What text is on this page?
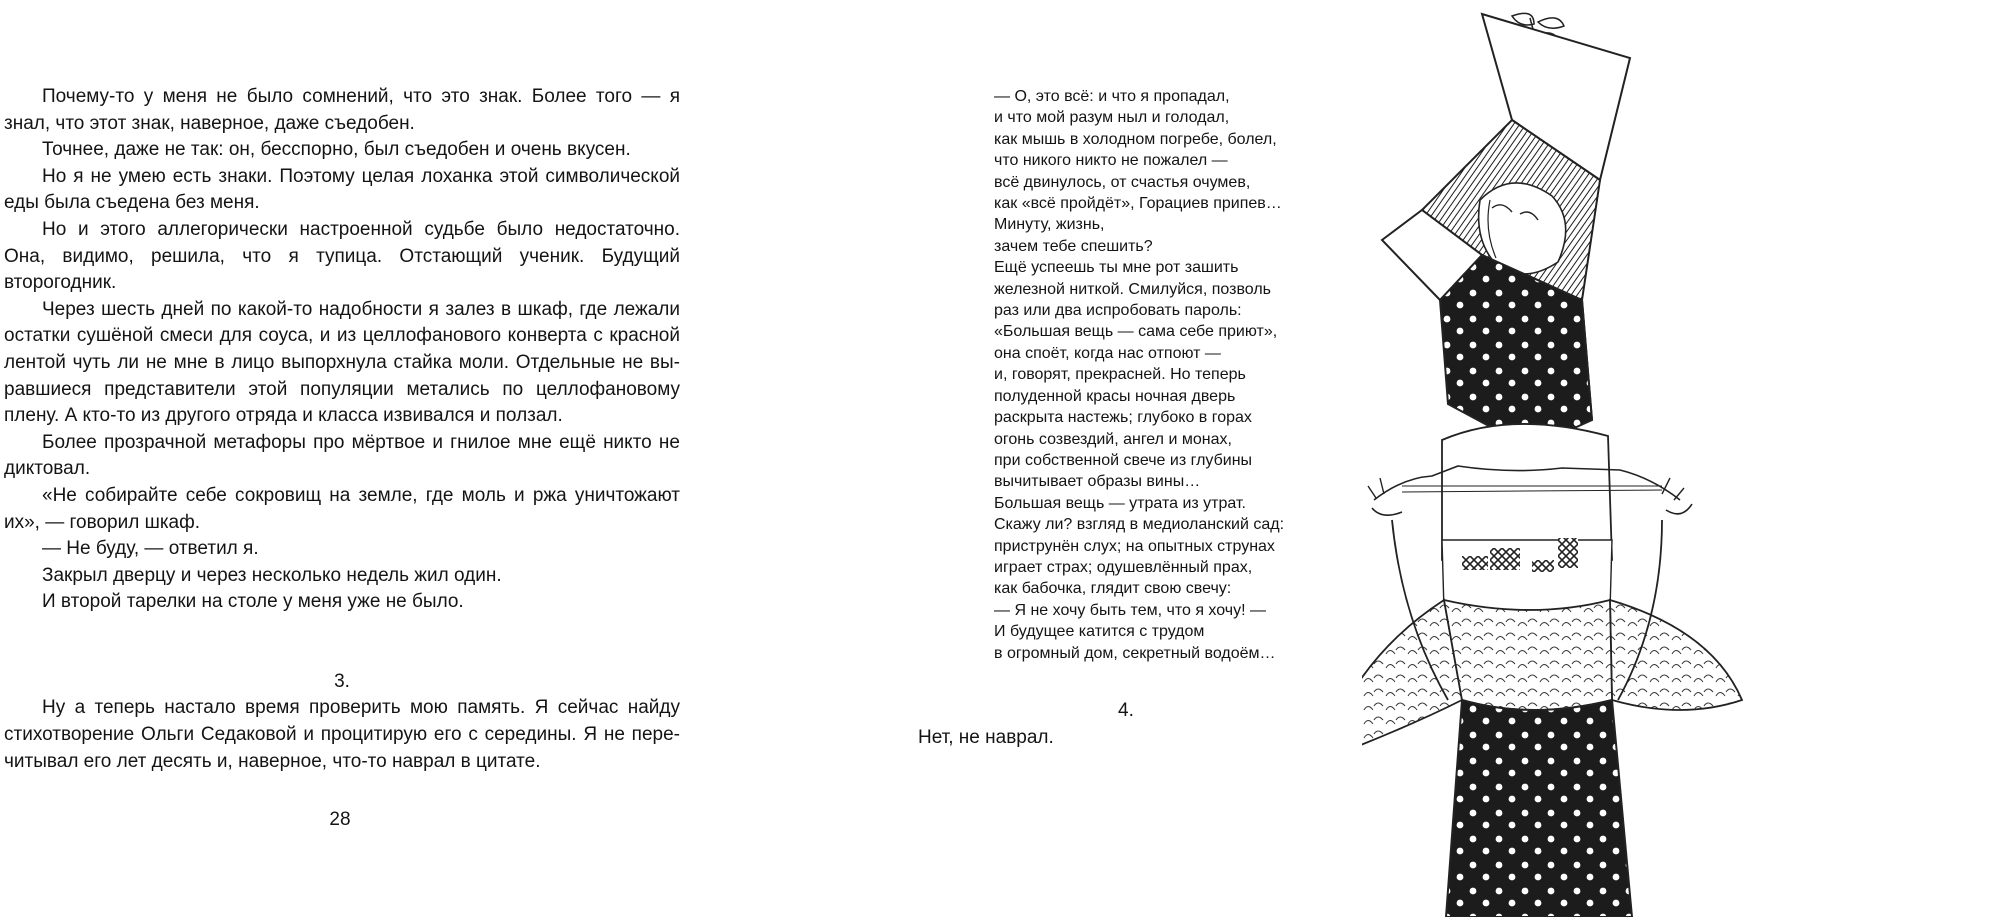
Почему-то у меня не было сомнений, что это знак. Более того — я знал, что этот знак, наверное, даже съедобен.

Точнее, даже не так: он, бесспорно, был съедобен и очень вкусен.

Но я не умею есть знаки. Поэтому целая лоханка этой символической еды была съедена без меня.

Но и этого аллегорически настроенной судьбе было недостаточно. Она, видимо, решила, что я тупица. Отстающий ученик. Будущий второгодник.

Через шесть дней по какой-то надобности я залез в шкаф, где лежали остатки сушёной смеси для соуса, и из целлофанового конверта с красной лентой чуть ли не мне в лицо выпорхнула стайка моли. Отдельные не выравшиеся представители этой популяции метались по целлофановому плену. А кто-то из другого отряда и класса извивался и ползал.

Более прозрачной метафоры про мёртвое и гнилое мне ещё никто не диктовал.

«Не собирайте себе сокровищ на земле, где моль и ржа уничтожают их», — говорил шкаф.

— Не буду, — ответил я.

Закрыл дверцу и через несколько недель жил один.

И второй тарелки на столе у меня уже не было.

3.

Ну а теперь настало время проверить мою память. Я сейчас найду стихотворение Ольги Седаковой и процитирую его с середины. Я не перечитывал его лет десять и, наверное, что-то наврал в цитате.

28
— О, это всё: и что я пропадал,
и что мой разум ныл и голодал,
как мышь в холодном погребе, болел,
что никого никто не пожалел —
всё двинулось, от счастья очумев,
как «всё пройдёт», Горациев припев…
Минуту, жизнь,
зачем тебе спешить?
Ещё успеешь ты мне рот зашить
железной ниткой. Смилуйся, позволь
раз или два испробовать пароль:
«Большая вещь — сама себе приют»,
она споёт, когда нас отпоют —
и, говорят, прекрасней. Но теперь
полуденной красы ночная дверь
раскрыта настежь; глубоко в горах
огонь созвездий, ангел и монах,
при собственной свече из глубины
вычитывает образы вины…
Большая вещь — утрата из утрат.
Скажу ли? взгляд в медиоланский сад:
приструнён слух; на опытных струнах
играет страх; одушевлённый прах,
как бабочка, глядит свою свечу:
— Я не хочу быть тем, что я хочу! —
И будущее катится с трудом
в огромный дом, секретный водоём…
4.
Нет, не наврал.
